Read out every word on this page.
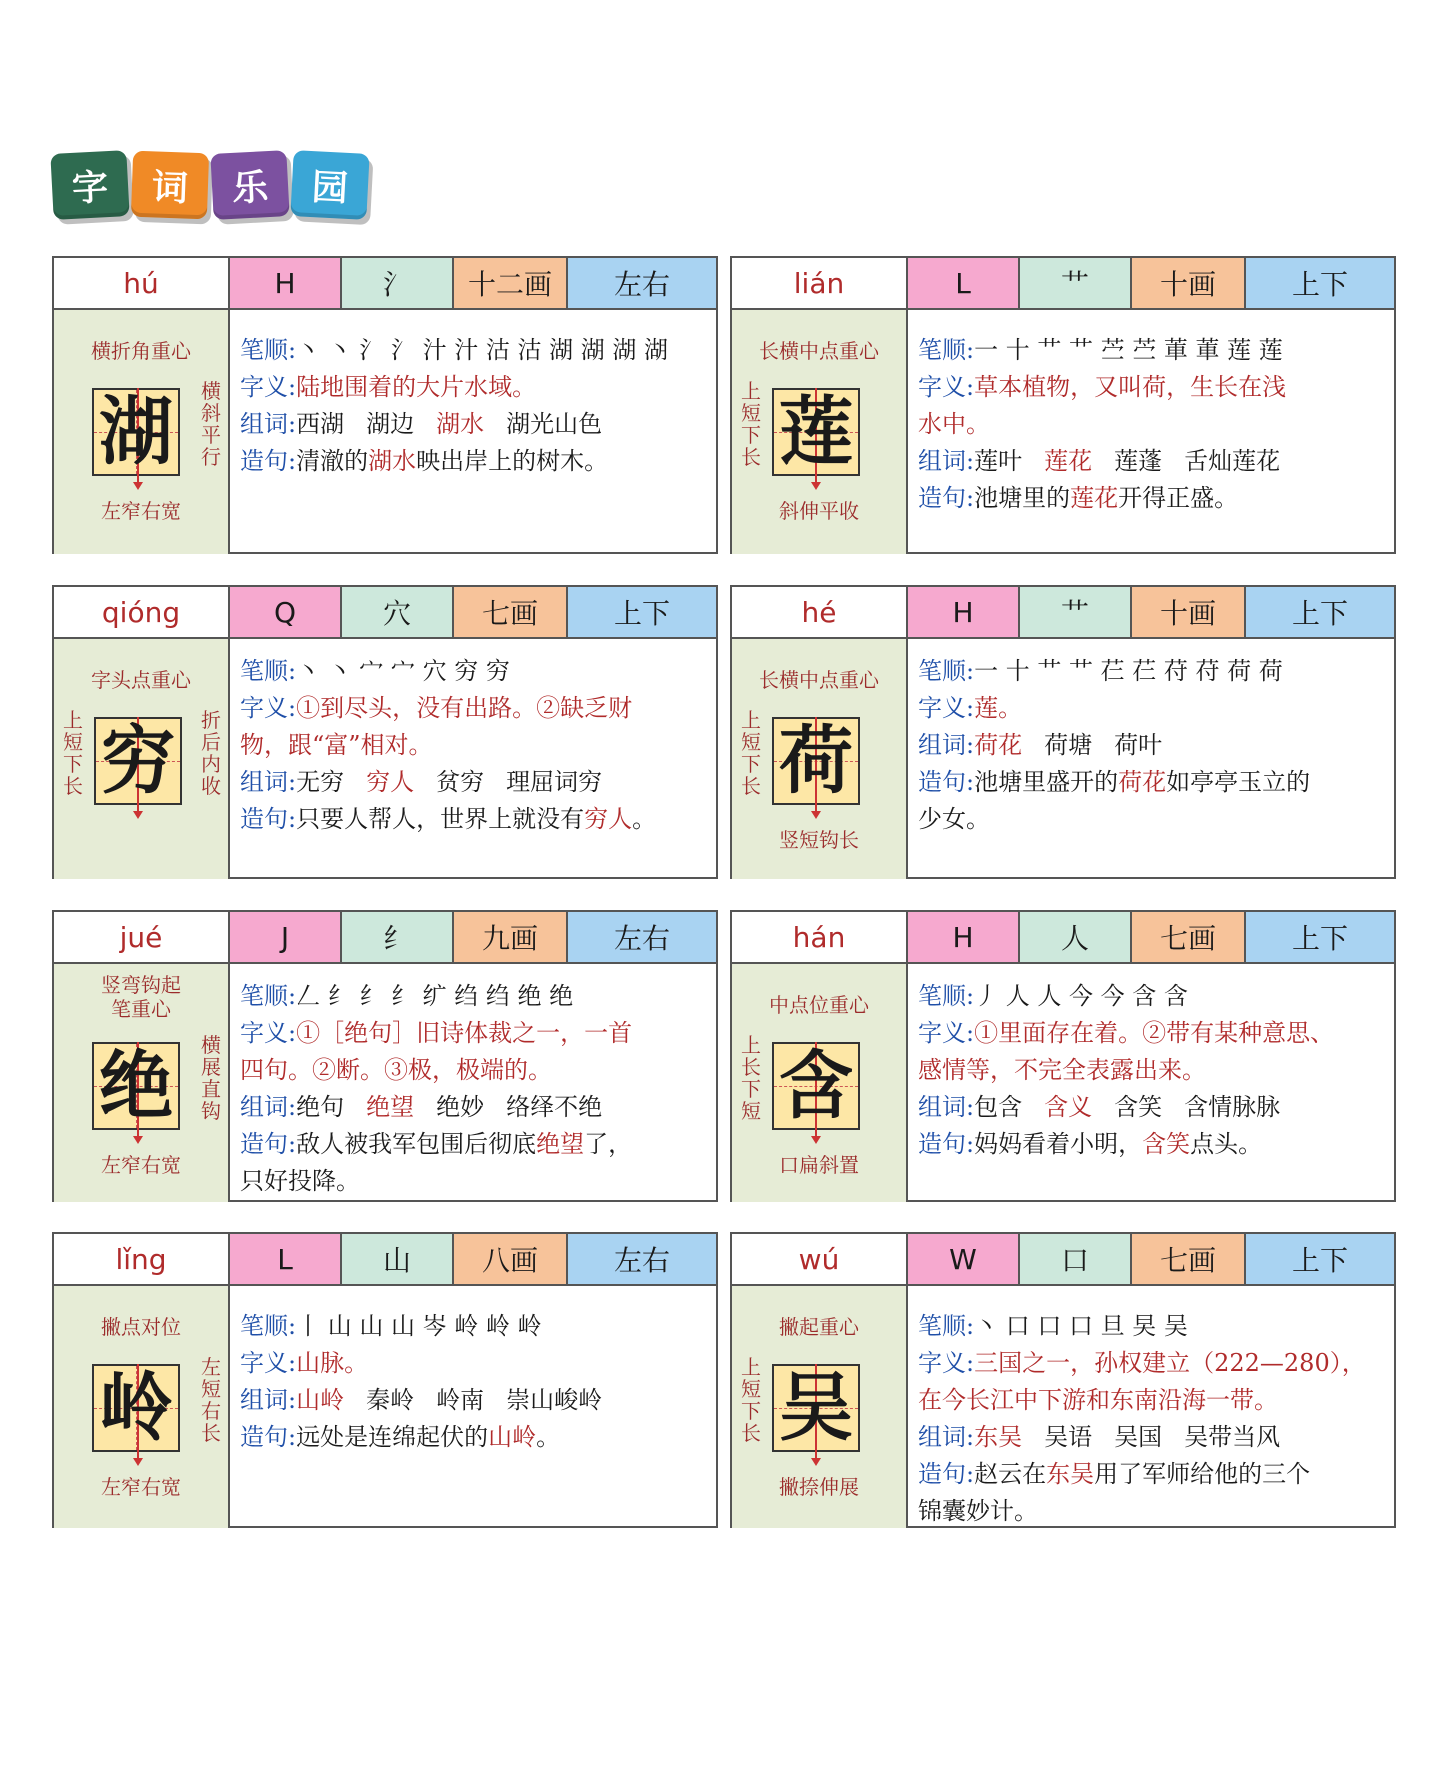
字	词	乐	园
hú	H	氵	十二画	左右
横折角重心
湖 横斜平行
左窄右宽
笔顺:丶 丶 氵 氵 汁 汁 沽 沽 湖 湖 湖 湖
字义:陆地围着的大片水域。
组词:西湖 湖边 湖水 湖光山色
造句:清澈的湖水映出岸上的树木。
lián	L	艹	十画	上下
长横中点重心
莲
上短下长
斜伸平收
笔顺:一 十 艹 艹 苎 苎 莗 莗 莲 莲
字义:草本植物，又叫荷，生长在浅
水中。
组词:莲叶 莲花 莲蓬 舌灿莲花
造句:池塘里的莲花开得正盛。
qióng	Q	穴	七画	上下
字头点重心
穷
上短下长
折后内收
笔顺:丶 丶 宀 宀 穴 穷 穷
字义:①到尽头，没有出路。②缺乏财
物，跟“富”相对。
组词:无穷 穷人 贫穷 理屈词穷
造句:只要人帮人，世界上就没有穷人。
hé	H	艹	十画	上下
长横中点重心
荷
上短下长
竖短钩长
笔顺:一 十 艹 艹 芢 芢 苻 苻 荷 荷
字义:莲。
组词:荷花 荷塘 荷叶
造句:池塘里盛开的荷花如亭亭玉立的
少女。
jué	J	纟	九画	左右
竖弯钩起
笔重心
绝 横展直钩
左窄右宽
笔顺:𠃋 纟 纟 纟 纩 绉 绉 绝 绝
字义:①［绝句］旧诗体裁之一，一首
四句。②断。③极，极端的。
组词:绝句 绝望 绝妙 络绎不绝
造句:敌人被我军包围后彻底绝望了，
只好投降。
hán	H	人	七画	上下
中点位重心
含
上长下短
口扁斜置
笔顺:丿 人 人 今 今 含 含
字义:①里面存在着。②带有某种意思、
感情等，不完全表露出来。
组词:包含 含义 含笑 含情脉脉
造句:妈妈看着小明，含笑点头。
lǐng	L	山	八画	左右
撇点对位
岭 左短右长
左窄右宽
笔顺:丨 山 山 山 岑 岭 岭 岭
字义:山脉。
组词:山岭 秦岭 岭南 崇山峻岭
造句:远处是连绵起伏的山岭。
wú	W	口	七画	上下
撇起重心
吴
上短下长
撇捺伸展
笔顺:丶 口 口 口 旦 旲 吴
字义:三国之一，孙权建立（222—280），
在今长江中下游和东南沿海一带。
组词:东吴 吴语 吴国 吴带当风
造句:赵云在东吴用了军师给他的三个
锦囊妙计。
